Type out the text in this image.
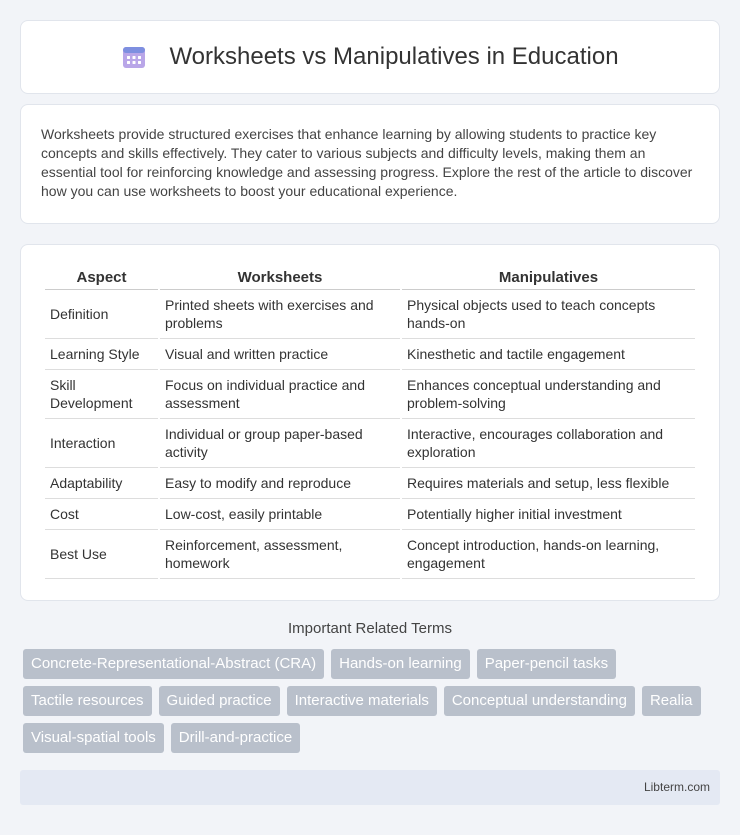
Worksheets vs Manipulatives in Education

Worksheets provide structured exercises that enhance learning by allowing students to practice key concepts and skills effectively. They cater to various subjects and difficulty levels, making them an essential tool for reinforcing knowledge and assessing progress. Explore the rest of the article to discover how you can use worksheets to boost your educational experience.

Aspect	Worksheets	Manipulatives
Definition	Printed sheets with exercises and problems	Physical objects used to teach concepts hands-on
Learning Style	Visual and written practice	Kinesthetic and tactile engagement
Skill Development	Focus on individual practice and assessment	Enhances conceptual understanding and problem-solving
Interaction	Individual or group paper-based activity	Interactive, encourages collaboration and exploration
Adaptability	Easy to modify and reproduce	Requires materials and setup, less flexible
Cost	Low-cost, easily printable	Potentially higher initial investment
Best Use	Reinforcement, assessment, homework	Concept introduction, hands-on learning, engagement
Important Related Terms
Concrete-Representational-Abstract (CRA)	Hands-on learning	Paper-pencil tasks
Tactile resources	Guided practice	Interactive materials	Conceptual understanding	Realia
Visual-spatial tools	Drill-and-practice
Libterm.com
